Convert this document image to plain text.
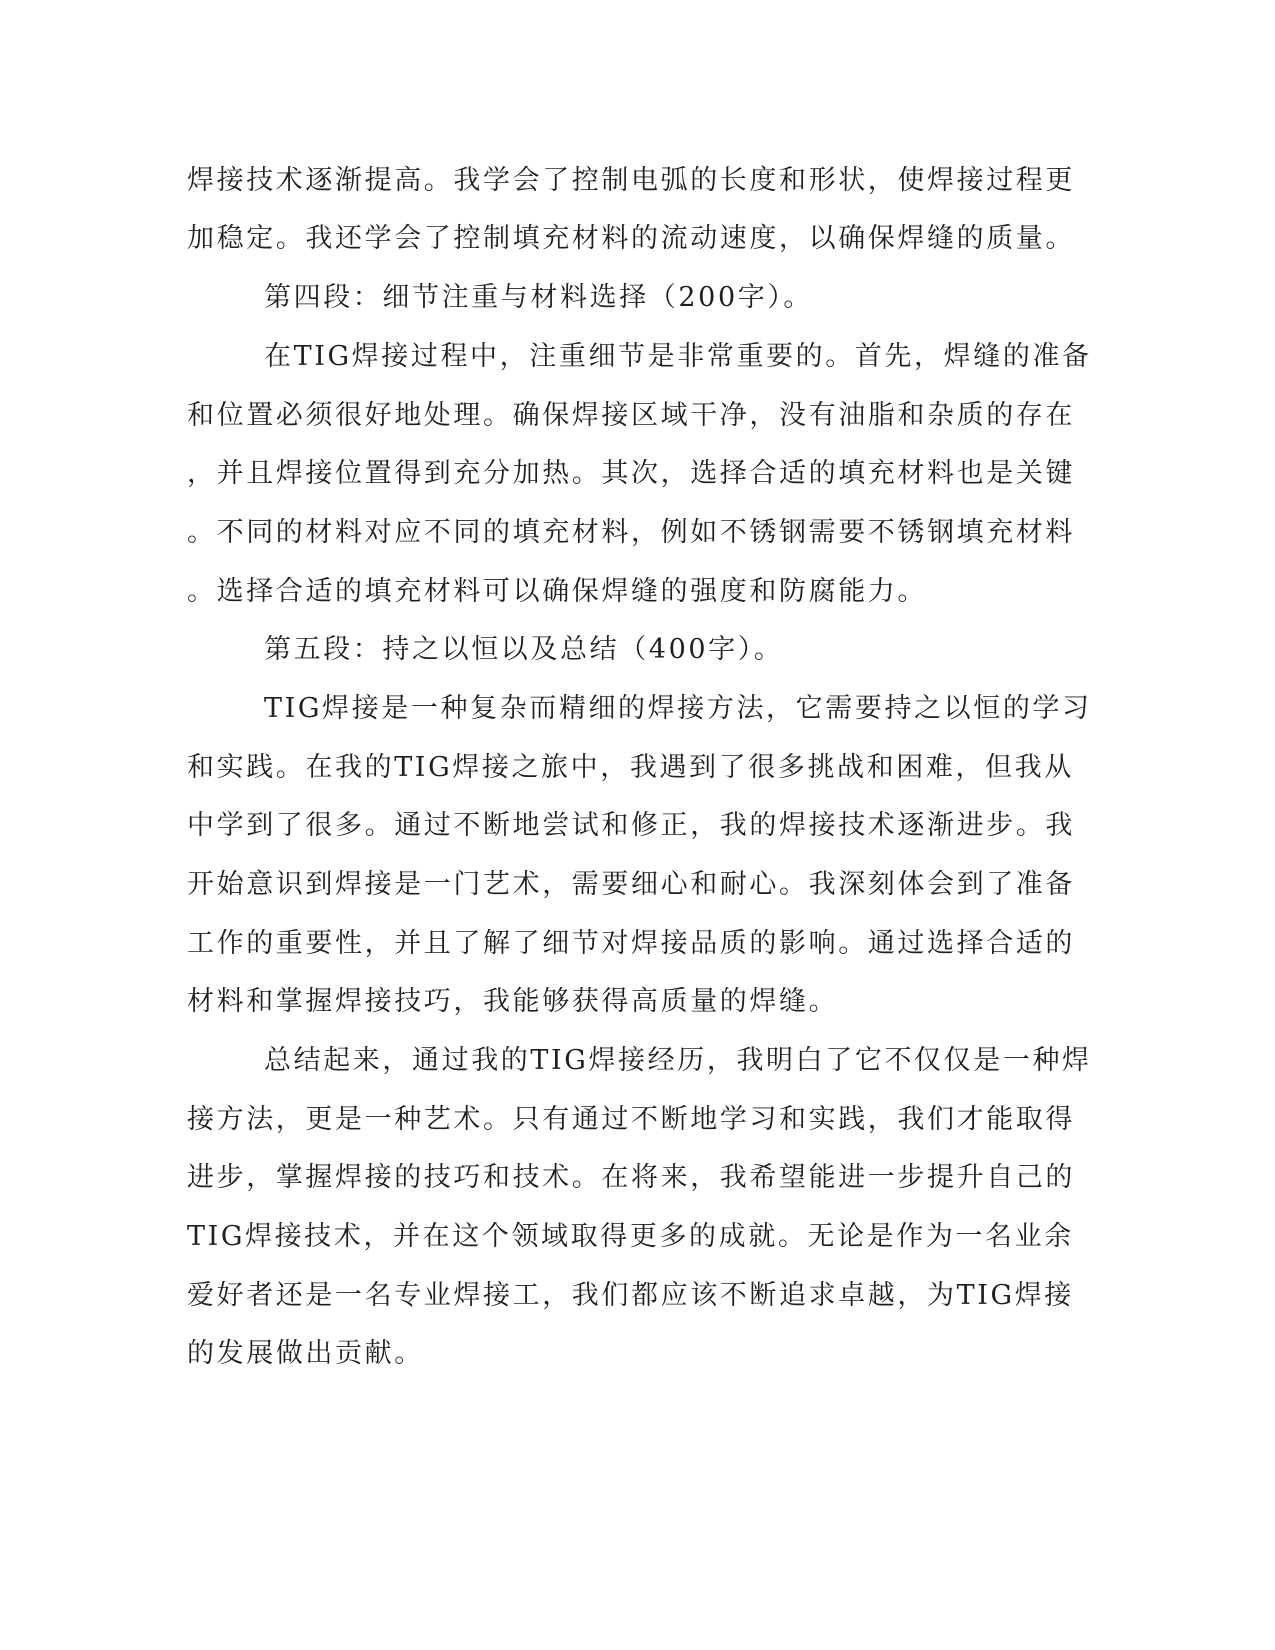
焊接技术逐渐提高。我学会了控制电弧的长度和形状，使焊接过程更
加稳定。我还学会了控制填充材料的流动速度，以确保焊缝的质量。
第四段：细节注重与材料选择（200字）。
在TIG焊接过程中，注重细节是非常重要的。首先，焊缝的准备
和位置必须很好地处理。确保焊接区域干净，没有油脂和杂质的存在
，并且焊接位置得到充分加热。其次，选择合适的填充材料也是关键
。不同的材料对应不同的填充材料，例如不锈钢需要不锈钢填充材料
。选择合适的填充材料可以确保焊缝的强度和防腐能力。
第五段：持之以恒以及总结（400字）。
TIG焊接是一种复杂而精细的焊接方法，它需要持之以恒的学习
和实践。在我的TIG焊接之旅中，我遇到了很多挑战和困难，但我从
中学到了很多。通过不断地尝试和修正，我的焊接技术逐渐进步。我
开始意识到焊接是一门艺术，需要细心和耐心。我深刻体会到了准备
工作的重要性，并且了解了细节对焊接品质的影响。通过选择合适的
材料和掌握焊接技巧，我能够获得高质量的焊缝。
总结起来，通过我的TIG焊接经历，我明白了它不仅仅是一种焊
接方法，更是一种艺术。只有通过不断地学习和实践，我们才能取得
进步，掌握焊接的技巧和技术。在将来，我希望能进一步提升自己的
TIG焊接技术，并在这个领域取得更多的成就。无论是作为一名业余
爱好者还是一名专业焊接工，我们都应该不断追求卓越，为TIG焊接
的发展做出贡献。
